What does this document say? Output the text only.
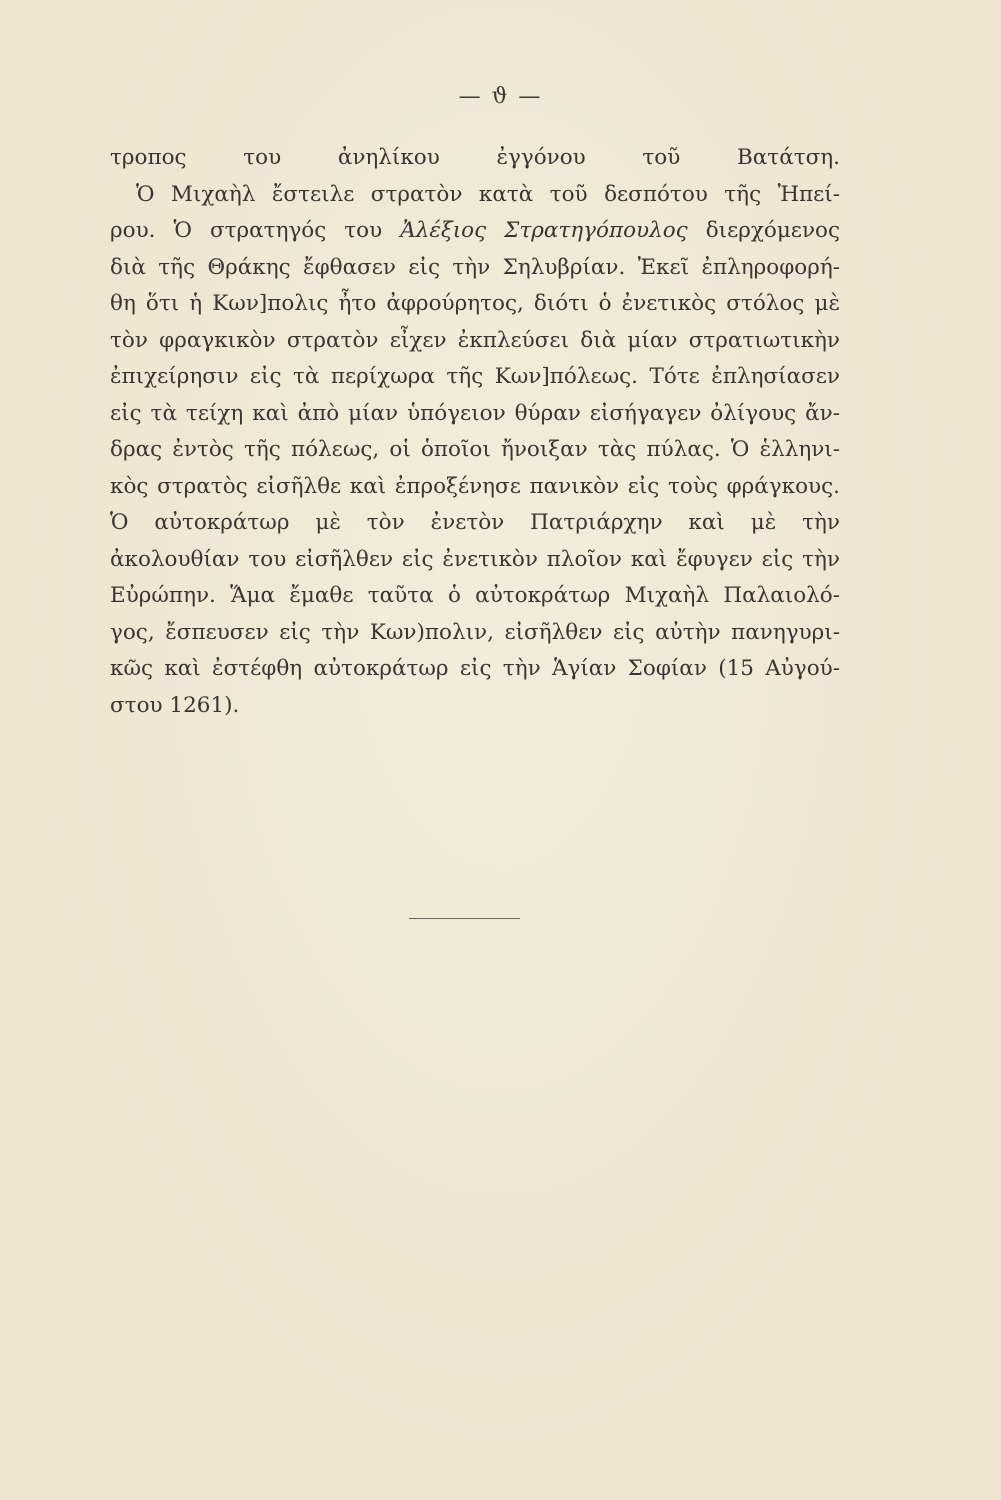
— ϑ —
τροπος του ἀνηλίκου ἐγγόνου τοῦ Βατάτση.
Ὁ Μιχαὴλ ἔστειλε στρατὸν κατὰ τοῦ δεσπότου τῆς Ἠπεί-
ρου. Ὁ στρατηγός του Ἀλέξιος Στρατηγόπουλος διερχόμενος
διὰ τῆς Θράκης ἔφθασεν εἰς τὴν Σηλυβρίαν. Ἐκεῖ ἐπληροφορή-
θη ὅτι ἡ Κων]πολις ἦτο ἀφρούρητος, διότι ὁ ἐνετικὸς στόλος μὲ
τὸν φραγκικὸν στρατὸν εἶχεν ἐκπλεύσει διὰ μίαν στρατιωτικὴν
ἐπιχείρησιν εἰς τὰ περίχωρα τῆς Κων]πόλεως. Τότε ἐπλησίασεν
εἰς τὰ τείχη καὶ ἀπὸ μίαν ὑπόγειον θύραν εἰσήγαγεν ὀλίγους ἄν-
δρας ἐντὸς τῆς πόλεως, οἱ ὁποῖοι ἤνοιξαν τὰς πύλας. Ὁ ἑλληνι-
κὸς στρατὸς εἰσῆλθε καὶ ἐπροξένησε πανικὸν εἰς τοὺς φράγκους.
Ὁ αὐτοκράτωρ μὲ τὸν ἐνετὸν Πατριάρχην καὶ μὲ τὴν
ἀκολουθίαν του εἰσῆλθεν εἰς ἐνετικὸν πλοῖον καὶ ἔφυγεν εἰς τὴν
Εὐρώπην. Ἅμα ἔμαθε ταῦτα ὁ αὐτοκράτωρ Μιχαὴλ Παλαιολό-
γος, ἔσπευσεν εἰς τὴν Κων)πολιν, εἰσῆλθεν εἰς αὐτὴν πανηγυρι-
κῶς καὶ ἐστέφθη αὐτοκράτωρ εἰς τὴν Ἁγίαν Σοφίαν (15 Αὐγού-
στου 1261).
